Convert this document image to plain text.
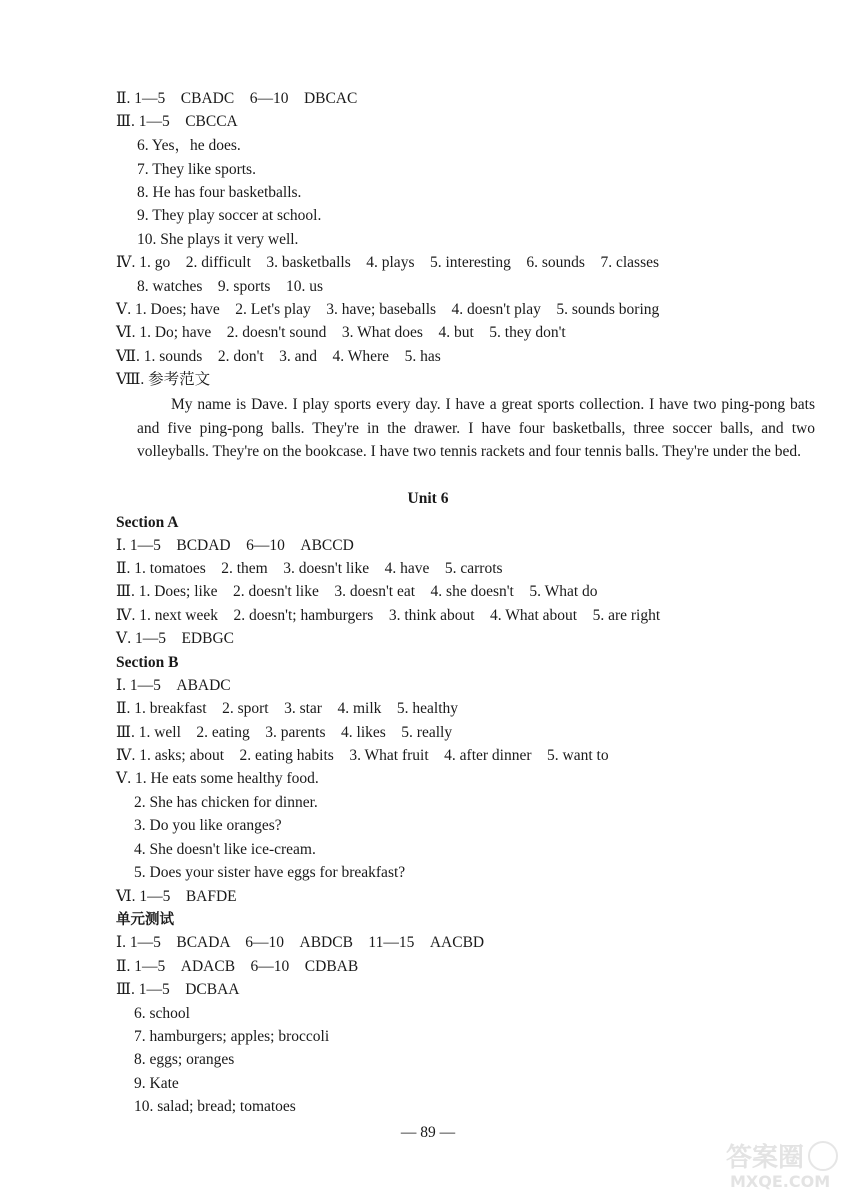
Ⅱ. 1—5　CBADC　6—10　DBCAC
Ⅲ. 1—5　CBCCA
6. Yes，he does.
7. They like sports.
8. He has four basketballs.
9. They play soccer at school.
10. She plays it very well.
Ⅳ. 1. go　2. difficult　3. basketballs　4. plays　5. interesting　6. sounds　7. classes
8. watches　9. sports　10. us
Ⅴ. 1. Does; have　2. Let's play　3. have; baseballs　4. doesn't play　5. sounds boring
Ⅵ. 1. Do; have　2. doesn't sound　3. What does　4. but　5. they don't
Ⅶ. 1. sounds　2. don't　3. and　4. Where　5. has
Ⅷ. 参考范文
My name is Dave. I play sports every day. I have a great sports collection. I have two ping-pong bats and five ping-pong balls. They're in the drawer. I have four basketballs, three soccer balls, and two volleyballs. They're on the bookcase. I have two tennis rackets and four tennis balls. They're under the bed.
Unit 6
Section A
Ⅰ. 1—5　BCDAD　6—10　ABCCD
Ⅱ. 1. tomatoes　2. them　3. doesn't like　4. have　5. carrots
Ⅲ. 1. Does; like　2. doesn't like　3. doesn't eat　4. she doesn't　5. What do
Ⅳ. 1. next week　2. doesn't; hamburgers　3. think about　4. What about　5. are right
Ⅴ. 1—5　EDBGC
Section B
Ⅰ. 1—5　ABADC
Ⅱ. 1. breakfast　2. sport　3. star　4. milk　5. healthy
Ⅲ. 1. well　2. eating　3. parents　4. likes　5. really
Ⅳ. 1. asks; about　2. eating habits　3. What fruit　4. after dinner　5. want to
Ⅴ. 1. He eats some healthy food.
2. She has chicken for dinner.
3. Do you like oranges?
4. She doesn't like ice-cream.
5. Does your sister have eggs for breakfast?
Ⅵ. 1—5　BAFDE
单元测试
Ⅰ. 1—5　BCADA　6—10　ABDCB　11—15　AACBD
Ⅱ. 1—5　ADACB　6—10　CDBAB
Ⅲ. 1—5　DCBAA
6. school
7. hamburgers; apples; broccoli
8. eggs; oranges
9. Kate
10. salad; bread; tomatoes
— 89 —
答案圈
MXQE.COM
